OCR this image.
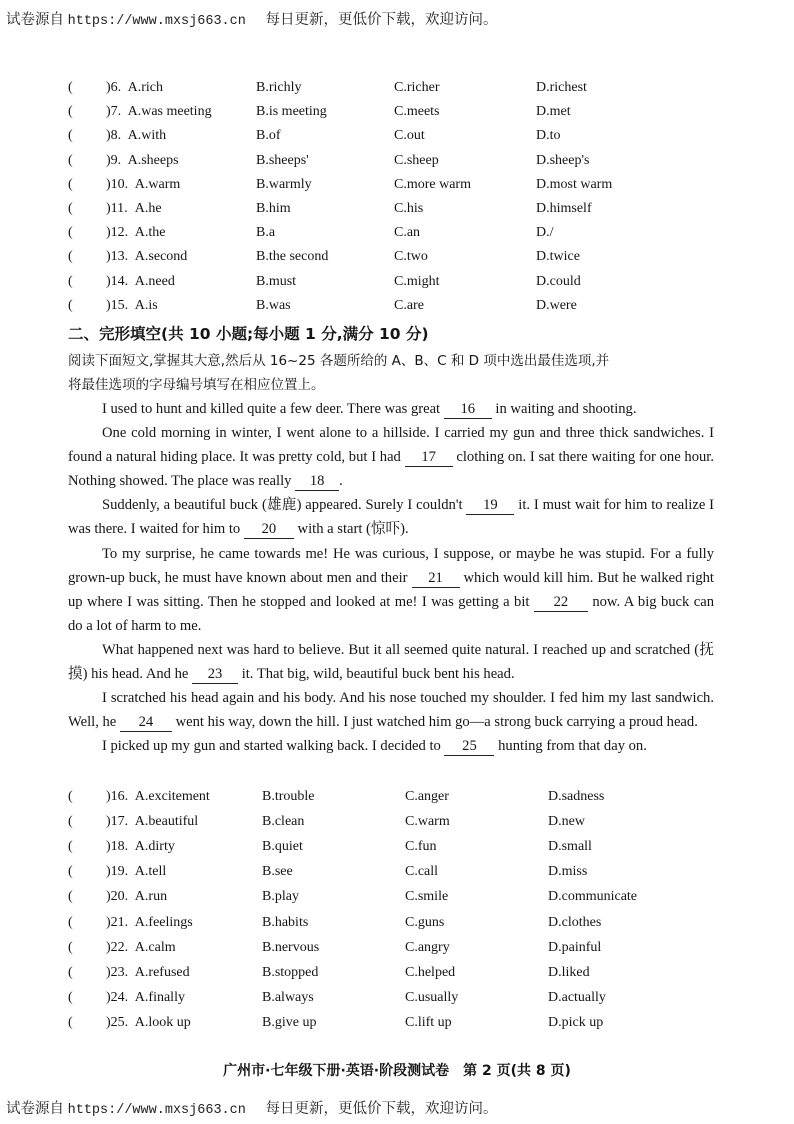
试卷源自 https://www.mxsj663.cn 每日更新，更低价下载，欢迎访问。
( )6. A.rich	B.richly	C.richer	D.richest
( )7. A.was meeting	B.is meeting	C.meets	D.met
( )8. A.with	B.of	C.out	D.to
( )9. A.sheeps	B.sheeps'	C.sheep	D.sheep's
( )10. A.warm	B.warmly	C.more warm	D.most warm
( )11. A.he	B.him	C.his	D.himself
( )12. A.the	B.a	C.an	D./
( )13. A.second	B.the second	C.two	D.twice
( )14. A.need	B.must	C.might	D.could
( )15. A.is	B.was	C.are	D.were
二、完形填空(共 10 小题;每小题 1 分,满分 10 分)
阅读下面短文,掌握其大意,然后从 16~25 各题所给的 A、B、C 和 D 项中选出最佳选项,并
将最佳选项的字母编号填写在相应位置上。

I used to hunt and killed quite a few deer. There was great 16 in waiting and shooting.

One cold morning in winter, I went alone to a hillside. I carried my gun and three thick sandwiches. I found a natural hiding place. It was pretty cold, but I had 17 clothing on. I sat there waiting for one hour. Nothing showed. The place was really 18 .

Suddenly, a beautiful buck (雄鹿) appeared. Surely I couldn't 19 it. I must wait for him to realize I was there. I waited for him to 20 with a start (惊吓).

To my surprise, he came towards me! He was curious, I suppose, or maybe he was stupid. For a fully grown-up buck, he must have known about men and their 21 which would kill him. But he walked right up where I was sitting. Then he stopped and looked at me! I was getting a bit 22 now. A big buck can do a lot of harm to me.

What happened next was hard to believe. But it all seemed quite natural. I reached up and scratched (抚摸) his head. And he 23 it. That big, wild, beautiful buck bent his head.

I scratched his head again and his body. And his nose touched my shoulder. I fed him my last sandwich. Well, he 24 went his way, down the hill. I just watched him go—a strong buck carrying a proud head.

I picked up my gun and started walking back. I decided to 25 hunting from that day on.

( )16. A.excitement	B.trouble	C.anger	D.sadness
( )17. A.beautiful	B.clean	C.warm	D.new
( )18. A.dirty	B.quiet	C.fun	D.small
( )19. A.tell	B.see	C.call	D.miss
( )20. A.run	B.play	C.smile	D.communicate
( )21. A.feelings	B.habits	C.guns	D.clothes
( )22. A.calm	B.nervous	C.angry	D.painful
( )23. A.refused	B.stopped	C.helped	D.liked
( )24. A.finally	B.always	C.usually	D.actually
( )25. A.look up	B.give up	C.lift up	D.pick up
广州市·七年级下册·英语·阶段测试卷　第 2 页(共 8 页)
试卷源自 https://www.mxsj663.cn 每日更新，更低价下载，欢迎访问。
